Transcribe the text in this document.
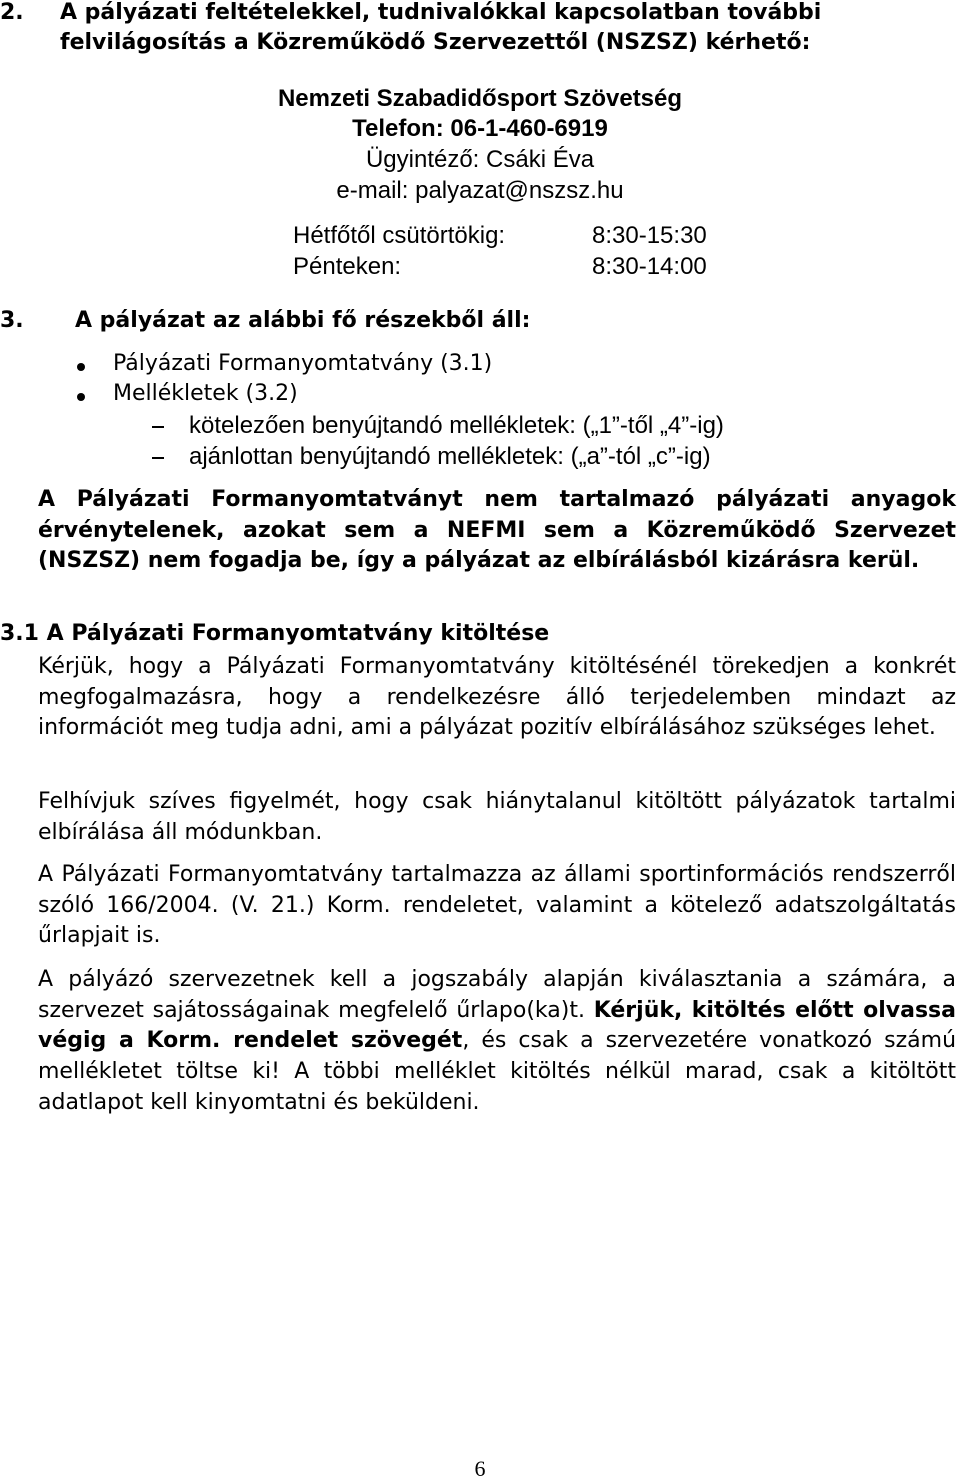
2. A pályázati feltételekkel, tudnivalókkal kapcsolatban további
felvilágosítás a Közreműködő Szervezettől (NSZSZ) kérhető:
Nemzeti Szabadidősport Szövetség
Telefon: 06-1-460-6919
Ügyintéző: Csáki Éva
e-mail: palyazat@nszsz.hu
Hétfőtől csütörtökig:	8:30-15:30
Pénteken:	8:30-14:00
3. A pályázat az alábbi fő részekből áll:
Pályázati Formanyomtatvány (3.1)
Mellékletek (3.2)
kötelezően benyújtandó mellékletek: („1”-től „4”-ig)
ajánlottan benyújtandó mellékletek: („a”-tól „c”-ig)
A Pályázati Formanyomtatványt nem tartalmazó pályázati anyagok érvénytelenek, azokat sem a NEFMI sem a Közreműködő Szervezet (NSZSZ) nem fogadja be, így a pályázat az elbírálásból kizárásra kerül.
3.1 A Pályázati Formanyomtatvány kitöltése
Kérjük, hogy a Pályázati Formanyomtatvány kitöltésénél törekedjen a konkrét megfogalmazásra, hogy a rendelkezésre álló terjedelemben mindazt az információt meg tudja adni, ami a pályázat pozitív elbírálásához szükséges lehet.
Felhívjuk szíves figyelmét, hogy csak hiánytalanul kitöltött pályázatok tartalmi elbírálása áll módunkban.
A Pályázati Formanyomtatvány tartalmazza az állami sportinformációs rendszerről szóló 166/2004. (V. 21.) Korm. rendeletet, valamint a kötelező adatszolgáltatás űrlapjait is.
A pályázó szervezetnek kell a jogszabály alapján kiválasztania a számára, a szervezet sajátosságainak megfelelő űrlapo(ka)t. Kérjük, kitöltés előtt olvassa végig a Korm. rendelet szövegét, és csak a szervezetére vonatkozó számú mellékletet töltse ki! A többi melléklet kitöltés nélkül marad, csak a kitöltött adatlapot kell kinyomtatni és beküldeni.
6
